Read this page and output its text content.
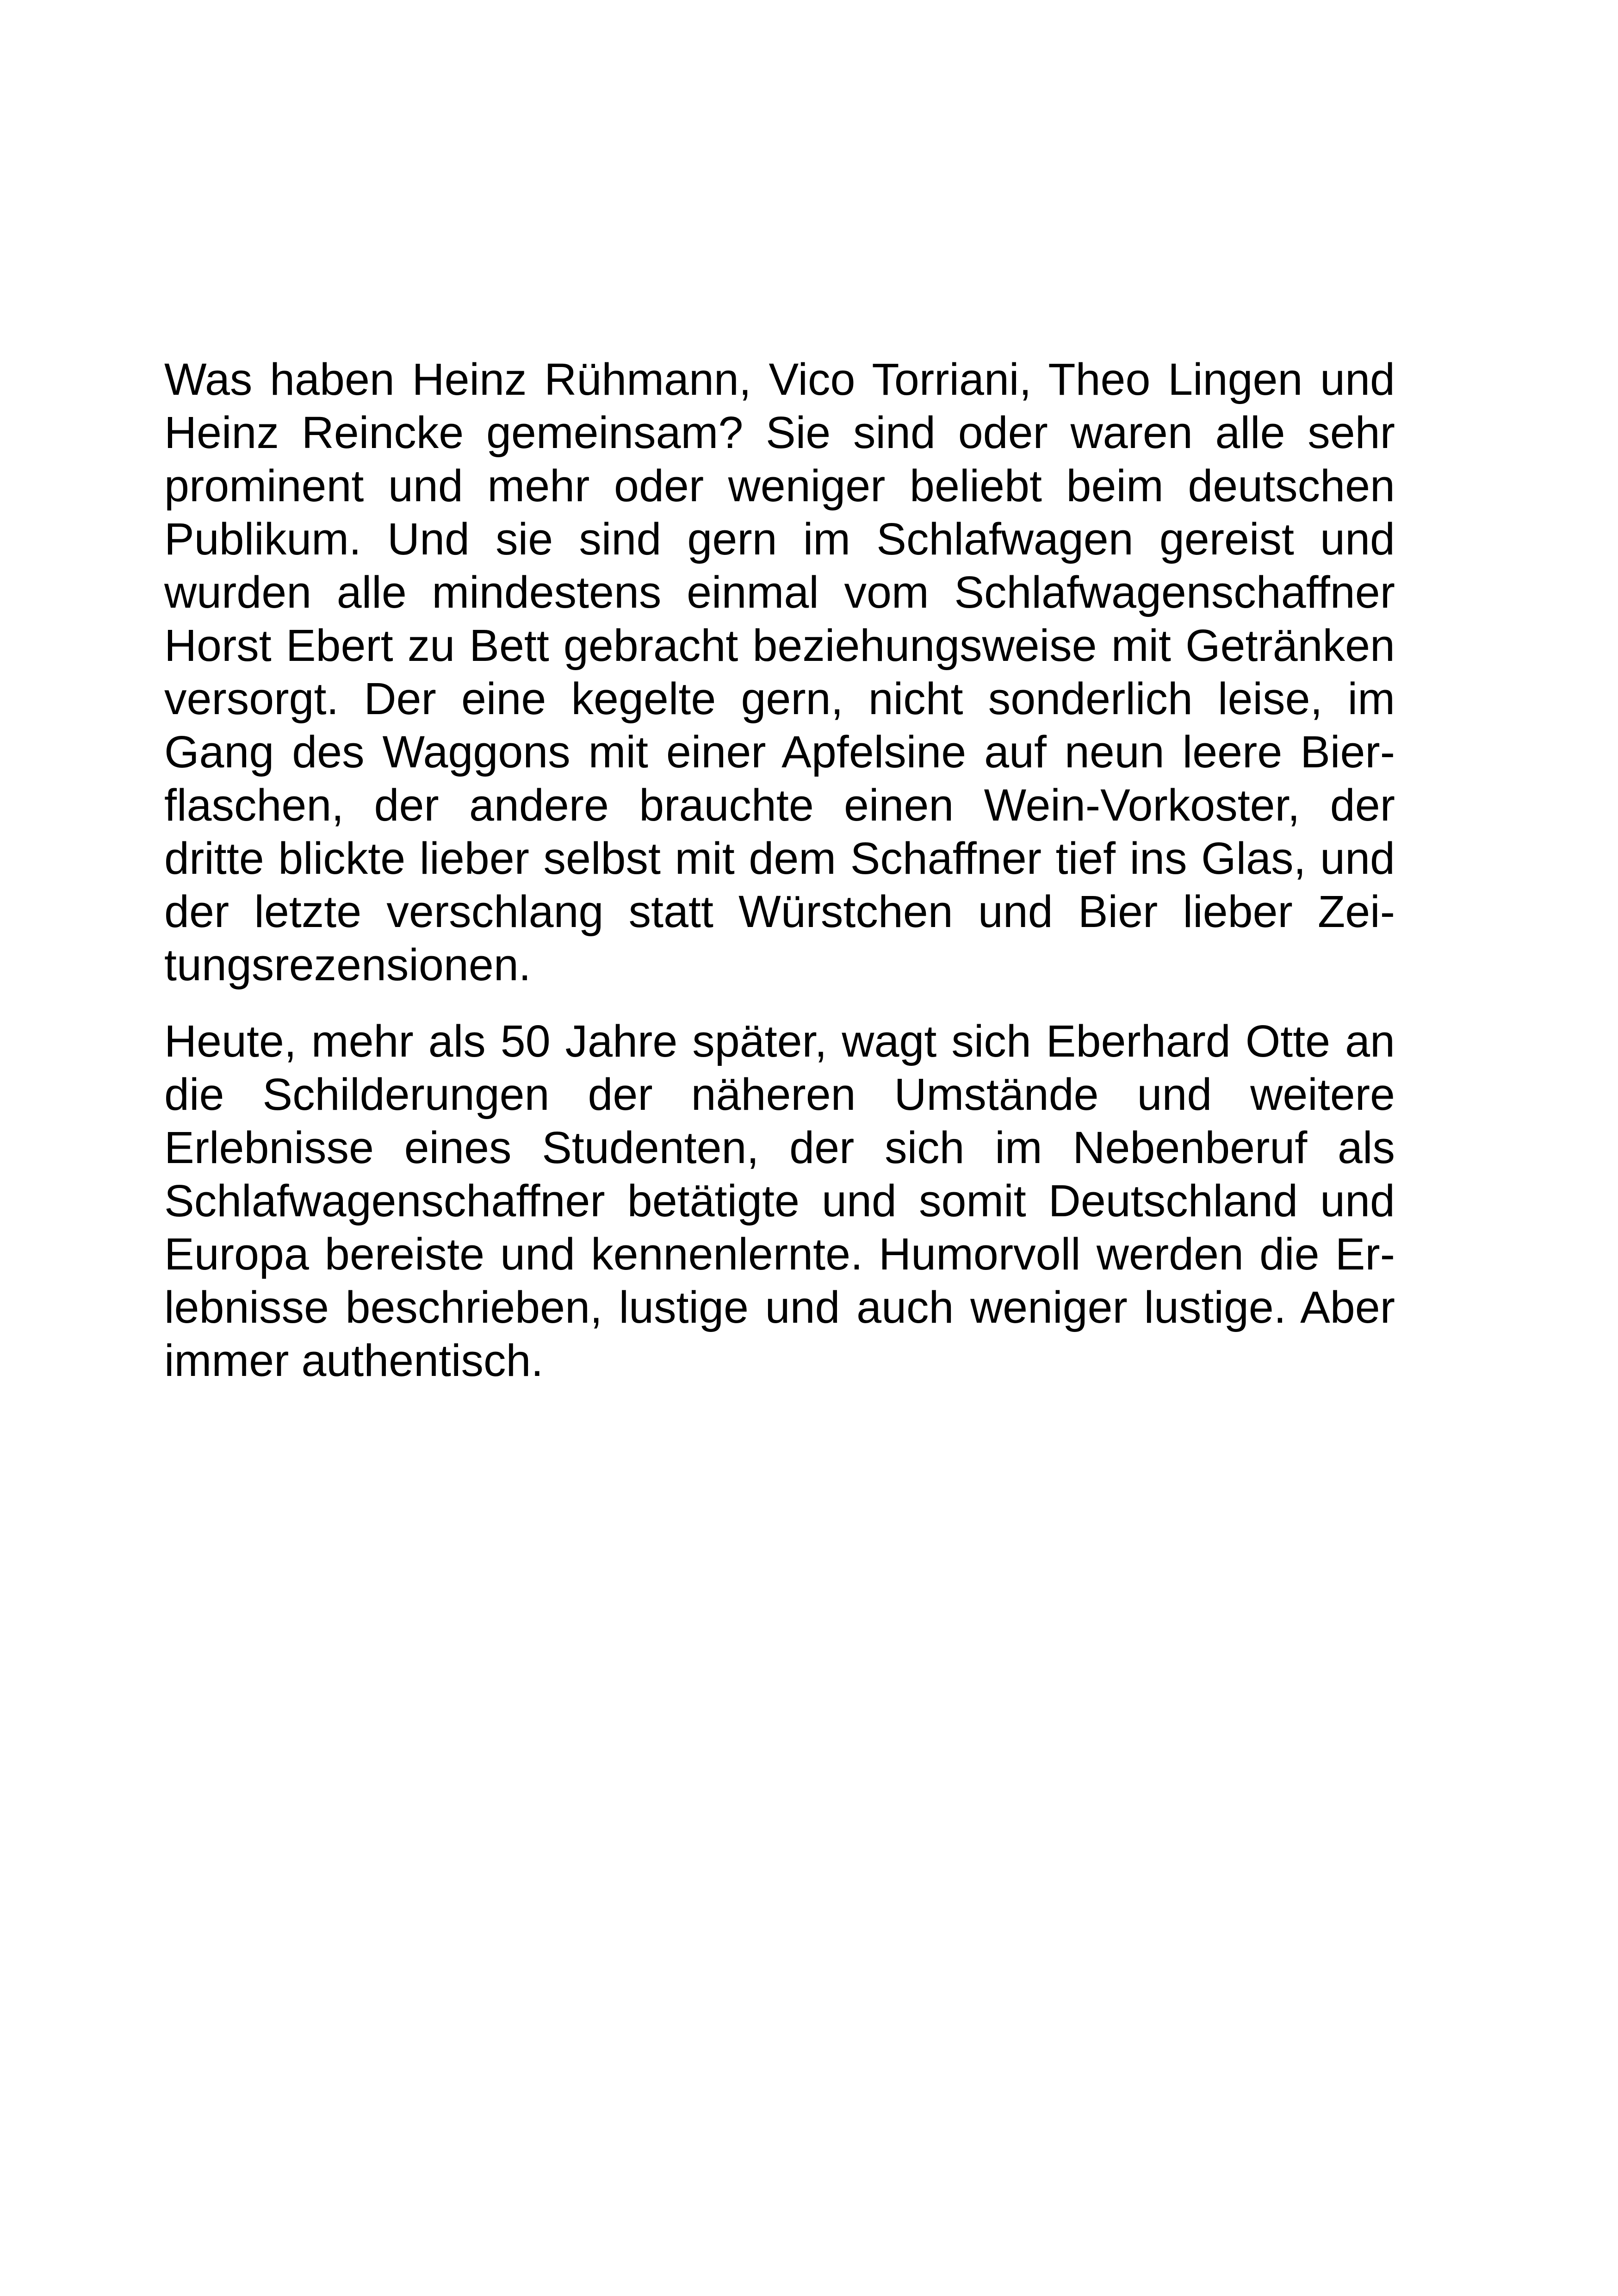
Was haben Heinz Rühmann, Vico Torriani, Theo Lingen und
Heinz Reincke gemeinsam? Sie sind oder waren alle sehr
prominent und mehr oder weniger beliebt beim deutschen
Publikum. Und sie sind gern im Schlafwagen gereist und
wurden alle mindestens einmal vom Schlafwagenschaffner
Horst Ebert zu Bett gebracht beziehungsweise mit Getränken
versorgt. Der eine kegelte gern, nicht sonderlich leise, im
Gang des Waggons mit einer Apfelsine auf neun leere Bier-
flaschen, der andere brauchte einen Wein-Vorkoster, der
dritte blickte lieber selbst mit dem Schaffner tief ins Glas, und
der letzte verschlang statt Würstchen und Bier lieber Zei-
tungsrezensionen.
Heute, mehr als 50 Jahre später, wagt sich Eberhard Otte an
die Schilderungen der näheren Umstände und weitere
Erlebnisse eines Studenten, der sich im Nebenberuf als
Schlafwagenschaffner betätigte und somit Deutschland und
Europa bereiste und kennenlernte. Humorvoll werden die Er-
lebnisse beschrieben, lustige und auch weniger lustige. Aber
immer authentisch.
